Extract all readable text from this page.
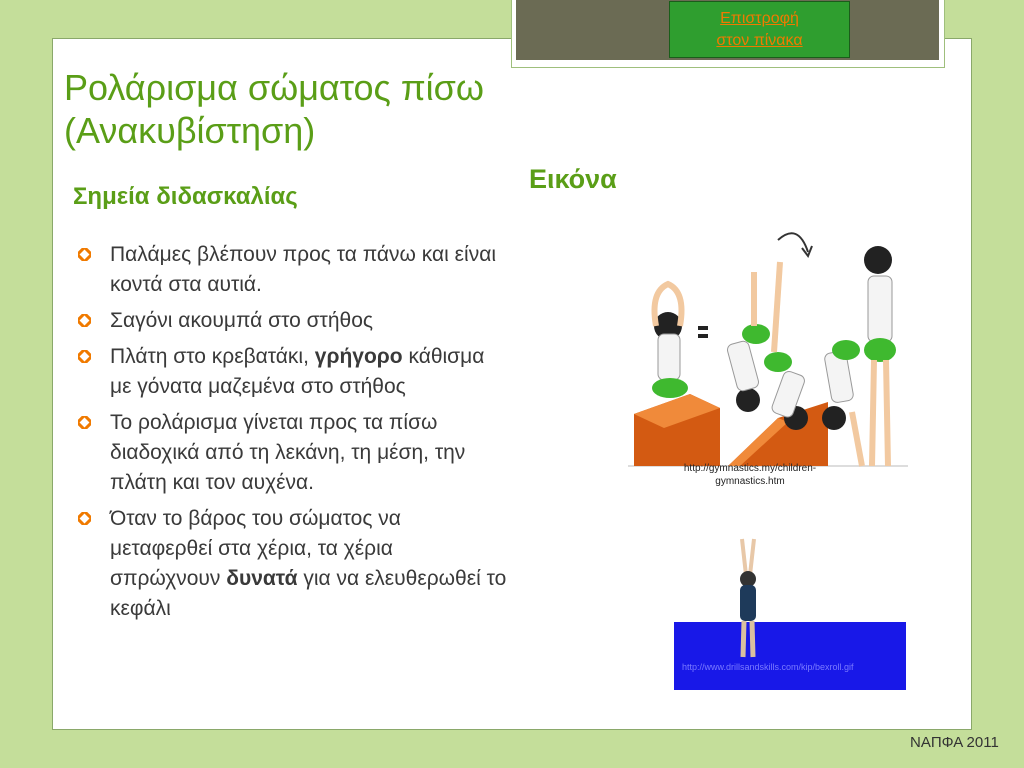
Επιστροφή
στον πίνακα
Ρολάρισμα σώματος πίσω
(Ανακυβίστηση)
Σημεία διδασκαλίας
Εικόνα
Παλάμες βλέπουν προς τα πάνω και είναι κοντά στα αυτιά.
Σαγόνι ακουμπά στο στήθος
Πλάτη στο κρεβατάκι, γρήγορο κάθισμα με γόνατα μαζεμένα στο στήθος
Το ρολάρισμα γίνεται προς τα πίσω διαδοχικά από τη λεκάνη, τη μέση, την πλάτη και τον αυχένα.
Όταν το βάρος του σώματος να μεταφερθεί στα χέρια, τα χέρια σπρώχνουν δυνατά για να ελευθερωθεί το κεφάλι
http://gymnastics.my/children-gymnastics.htm
http://www.drillsandskills.com/kip/bexroll.gif
ΝΑΠΦΑ 2011
